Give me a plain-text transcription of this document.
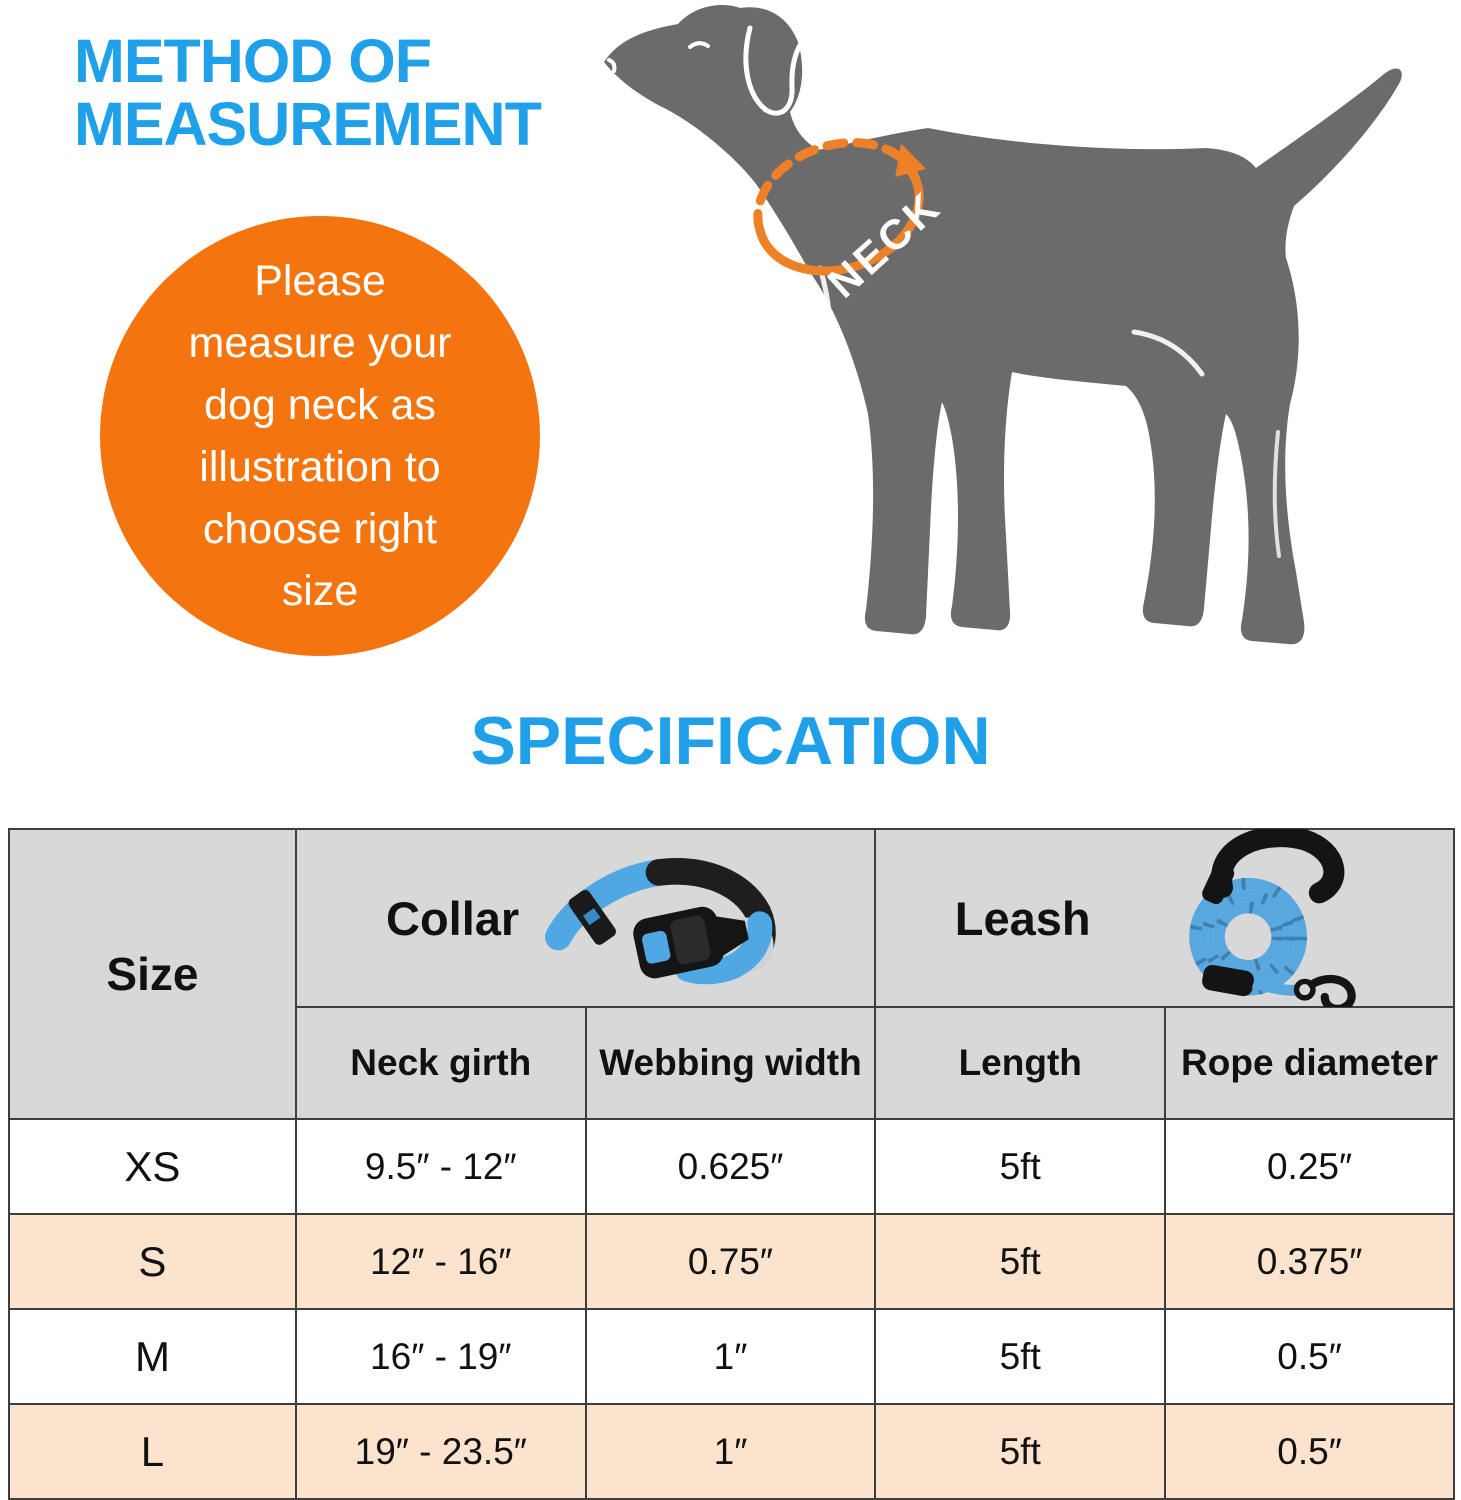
METHOD OF
MEASUREMENT
Please
measure your
dog neck as
illustration to
choose right
size
NECK
SPECIFICATION
Size
Collar	Leash
Neck girth	Webbing width	Length	Rope diameter
XS	9.5″ - 12″	0.625″	5ft	0.25″
S	12″ - 16″	0.75″	5ft	0.375″
M	16″ - 19″	1″	5ft	0.5″
L	19″ - 23.5″	1″	5ft	0.5″
